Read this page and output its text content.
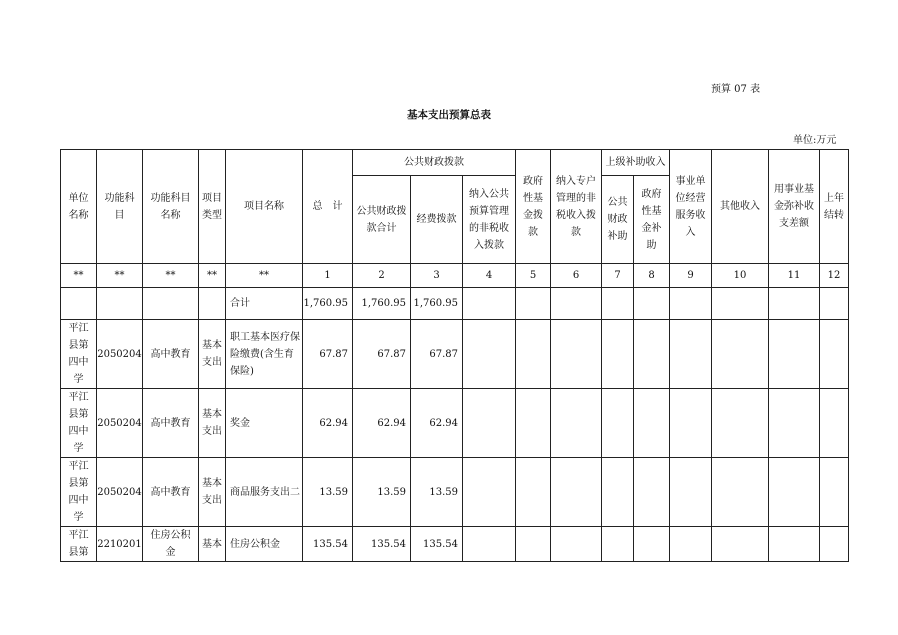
预算 07 表
基本支出预算总表
单位:万元
单位名称	功能科目	功能科目名称	项目类型	项目名称	总　计	公共财政拨款			政府性基金拨款	纳入专户管理的非税收入拨款	上级补助收入		事业单位经营服务收入	其他收入	用事业基金弥补收支差额	上年结转
						公共财政拨款合计	经费拨款	纳入公共预算管理的非税收入拨款			公共财政补助	政府性基金补助				

**	**	**	**	**	1	2	3	4	5	6	7	8	9	10	11	12
				合计	1,760.95	1,760.95	1,760.95									
平江县第四中学	2050204	高中教育	基本支出	职工基本医疗保险缴费(含生育保险)	67.87	67.87	67.87									
平江县第四中学	2050204	高中教育	基本支出	奖金	62.94	62.94	62.94									
平江县第四中学	2050204	高中教育	基本支出	商品服务支出二	13.59	13.59	13.59									
平江县第	2210201	住房公积金	基本	住房公积金	135.54	135.54	135.54									
